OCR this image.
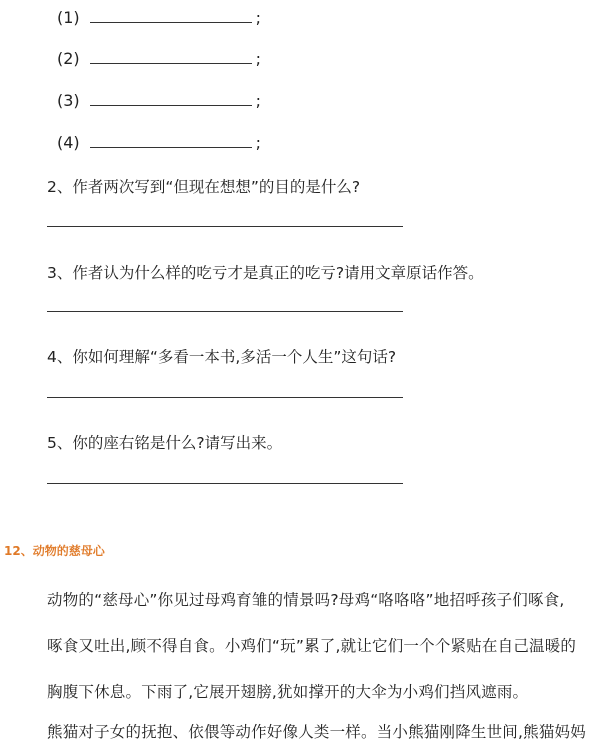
(1)	;
(2)	;
(3)	;
(4)	;
2、作者两次写到“但现在想想”的目的是什么?
3、作者认为什么样的吃亏才是真正的吃亏?请用文章原话作答。
4、你如何理解“多看一本书,多活一个人生”这句话?
5、你的座右铭是什么?请写出来。
12、动物的慈母心
动物的“慈母心”你见过母鸡育雏的情景吗?母鸡“咯咯咯”地招呼孩子们啄食,
啄食又吐出,顾不得自食。小鸡们“玩”累了,就让它们一个个紧贴在自己温暖的
胸腹下休息。下雨了,它展开翅膀,犹如撑开的大伞为小鸡们挡风遮雨。
熊猫对子女的抚抱、依偎等动作好像人类一样。当小熊猫刚降生世间,熊猫妈妈
